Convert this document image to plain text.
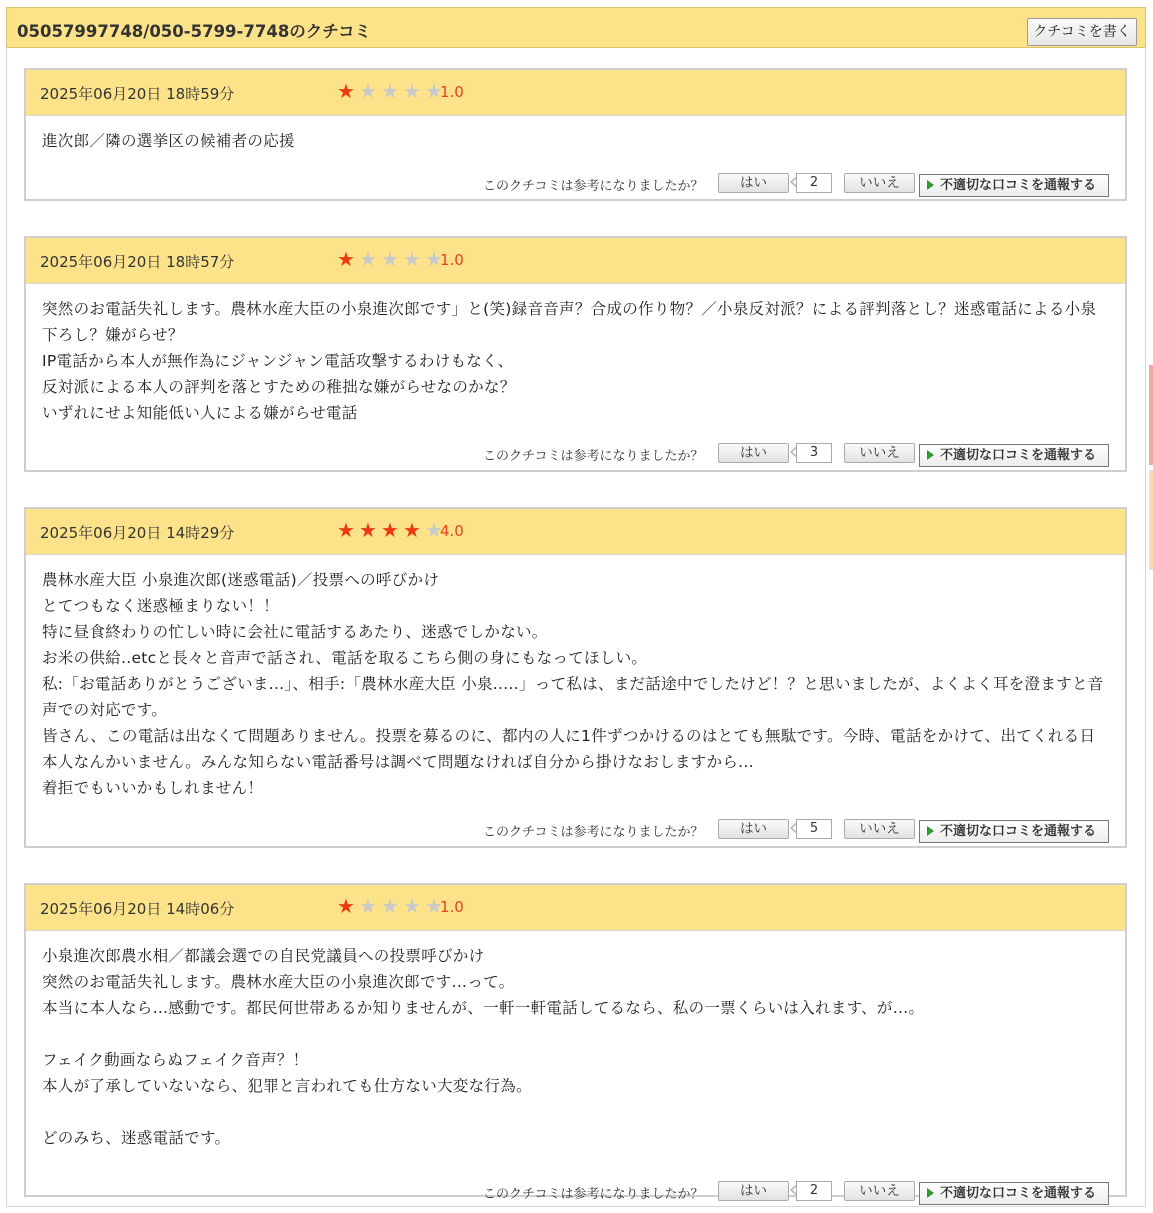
05057997748/050-5799-7748のクチコミ	クチコミを書く
2025年06月20日 18時59分	★ ★ ★ ★ ★
1.0
進次郎／隣の選挙区の候補者の応援
このクチコミは参考になりましたか？	はい	2	いいえ	不適切な口コミを通報する
2025年06月20日 18時57分	★ ★ ★ ★ ★
1.0
突然のお電話失礼します。農林水産大臣の小泉進次郎です」と(笑)録音音声？合成の作り物？／小泉反対派？による評判落とし？迷惑電話による小泉下ろし？嫌がらせ？
IP電話から本人が無作為にジャンジャン電話攻撃するわけもなく、
反対派による本人の評判を落とすための稚拙な嫌がらせなのかな？
いずれにせよ知能低い人による嫌がらせ電話
このクチコミは参考になりましたか？	はい	3	いいえ	不適切な口コミを通報する
2025年06月20日 14時29分	★ ★ ★ ★ ★
4.0
農林水産大臣 小泉進次郎(迷惑電話)／投票への呼びかけ
とてつもなく迷惑極まりない！！
特に昼食終わりの忙しい時に会社に電話するあたり、迷惑でしかない。
お米の供給..etcと長々と音声で話され、電話を取るこちら側の身にもなってほしい。
私:「お電話ありがとうございま...」、相手:「農林水産大臣 小泉.....」って私は、まだ話途中でしたけど！？と思いましたが、よくよく耳を澄ますと音声での対応です。
皆さん、この電話は出なくて問題ありません。投票を募るのに、都内の人に1件ずつかけるのはとても無駄です。今時、電話をかけて、出てくれる日本人なんかいません。みんな知らない電話番号は調べて問題なければ自分から掛けなおしますから...
着拒でもいいかもしれません！
このクチコミは参考になりましたか？	はい	5	いいえ	不適切な口コミを通報する
2025年06月20日 14時06分	★ ★ ★ ★ ★
1.0
小泉進次郎農水相／都議会選での自民党議員への投票呼びかけ
突然のお電話失礼します。農林水産大臣の小泉進次郎です…って。
本当に本人なら…感動です。都民何世帯あるか知りませんが、一軒一軒電話してるなら、私の一票くらいは入れます、が…。

フェイク動画ならぬフェイク音声？！
本人が了承していないなら、犯罪と言われても仕方ない大変な行為。

どのみち、迷惑電話です。
このクチコミは参考になりましたか？	はい	2	いいえ	不適切な口コミを通報する
